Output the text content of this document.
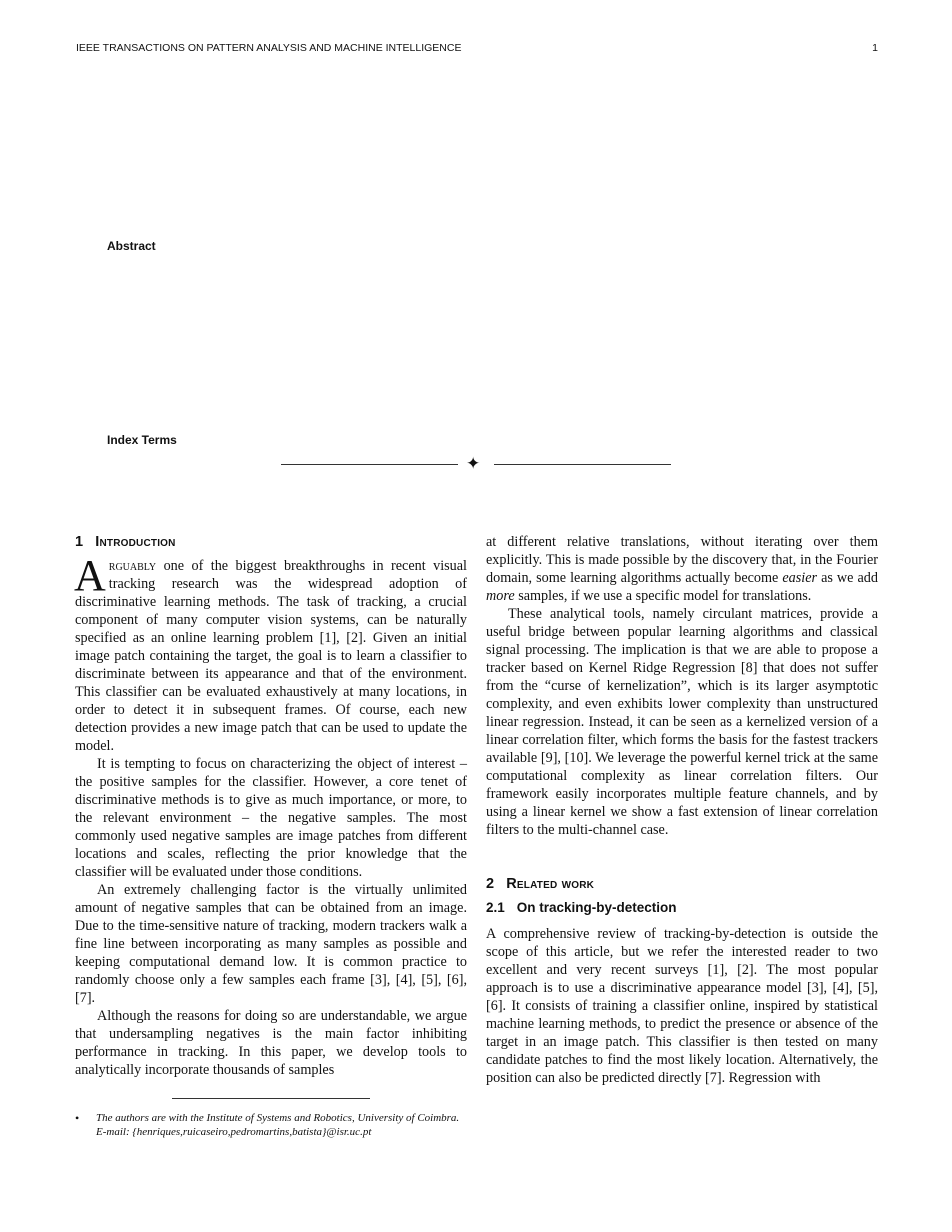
IEEE TRANSACTIONS ON PATTERN ANALYSIS AND MACHINE INTELLIGENCE	1
Abstract
Index Terms
✦
1 Introduction

Arguably one of the biggest breakthroughs in recent visual tracking research was the widespread adoption of discriminative learning methods. The task of tracking, a crucial component of many computer vision systems, can be naturally specified as an online learning problem [1], [2]. Given an initial image patch containing the target, the goal is to learn a classifier to discriminate between its appearance and that of the environment. This classifier can be evaluated exhaustively at many locations, in order to detect it in subsequent frames. Of course, each new detection provides a new image patch that can be used to update the model.

It is tempting to focus on characterizing the object of interest – the positive samples for the classifier. However, a core tenet of discriminative methods is to give as much importance, or more, to the relevant environment – the negative samples. The most commonly used negative samples are image patches from different locations and scales, reflecting the prior knowledge that the classifier will be evaluated under those conditions.

An extremely challenging factor is the virtually unlimited amount of negative samples that can be obtained from an image. Due to the time-sensitive nature of tracking, modern trackers walk a fine line between incorporating as many samples as possible and keeping computational demand low. It is common practice to randomly choose only a few samples each frame [3], [4], [5], [6], [7].

Although the reasons for doing so are understandable, we argue that undersampling negatives is the main factor inhibiting performance in tracking. In this paper, we develop tools to analytically incorporate thousands of samples

• The authors are with the Institute of Systems and Robotics, University of Coimbra.
E-mail: {henriques,ruicaseiro,pedromartins,batista}@isr.uc.pt

at different relative translations, without iterating over them explicitly. This is made possible by the discovery that, in the Fourier domain, some learning algorithms actually become easier as we add more samples, if we use a specific model for translations.

These analytical tools, namely circulant matrices, provide a useful bridge between popular learning algorithms and classical signal processing. The implication is that we are able to propose a tracker based on Kernel Ridge Regression [8] that does not suffer from the “curse of kernelization”, which is its larger asymptotic complexity, and even exhibits lower complexity than unstructured linear regression. Instead, it can be seen as a kernelized version of a linear correlation filter, which forms the basis for the fastest trackers available [9], [10]. We leverage the powerful kernel trick at the same computational complexity as linear correlation filters. Our framework easily incorporates multiple feature channels, and by using a linear kernel we show a fast extension of linear correlation filters to the multi-channel case.

2 Related work
2.1 On tracking-by-detection

A comprehensive review of tracking-by-detection is outside the scope of this article, but we refer the interested reader to two excellent and very recent surveys [1], [2]. The most popular approach is to use a discriminative appearance model [3], [4], [5], [6]. It consists of training a classifier online, inspired by statistical machine learning methods, to predict the presence or absence of the target in an image patch. This classifier is then tested on many candidate patches to find the most likely location. Alternatively, the position can also be predicted directly [7]. Regression with
